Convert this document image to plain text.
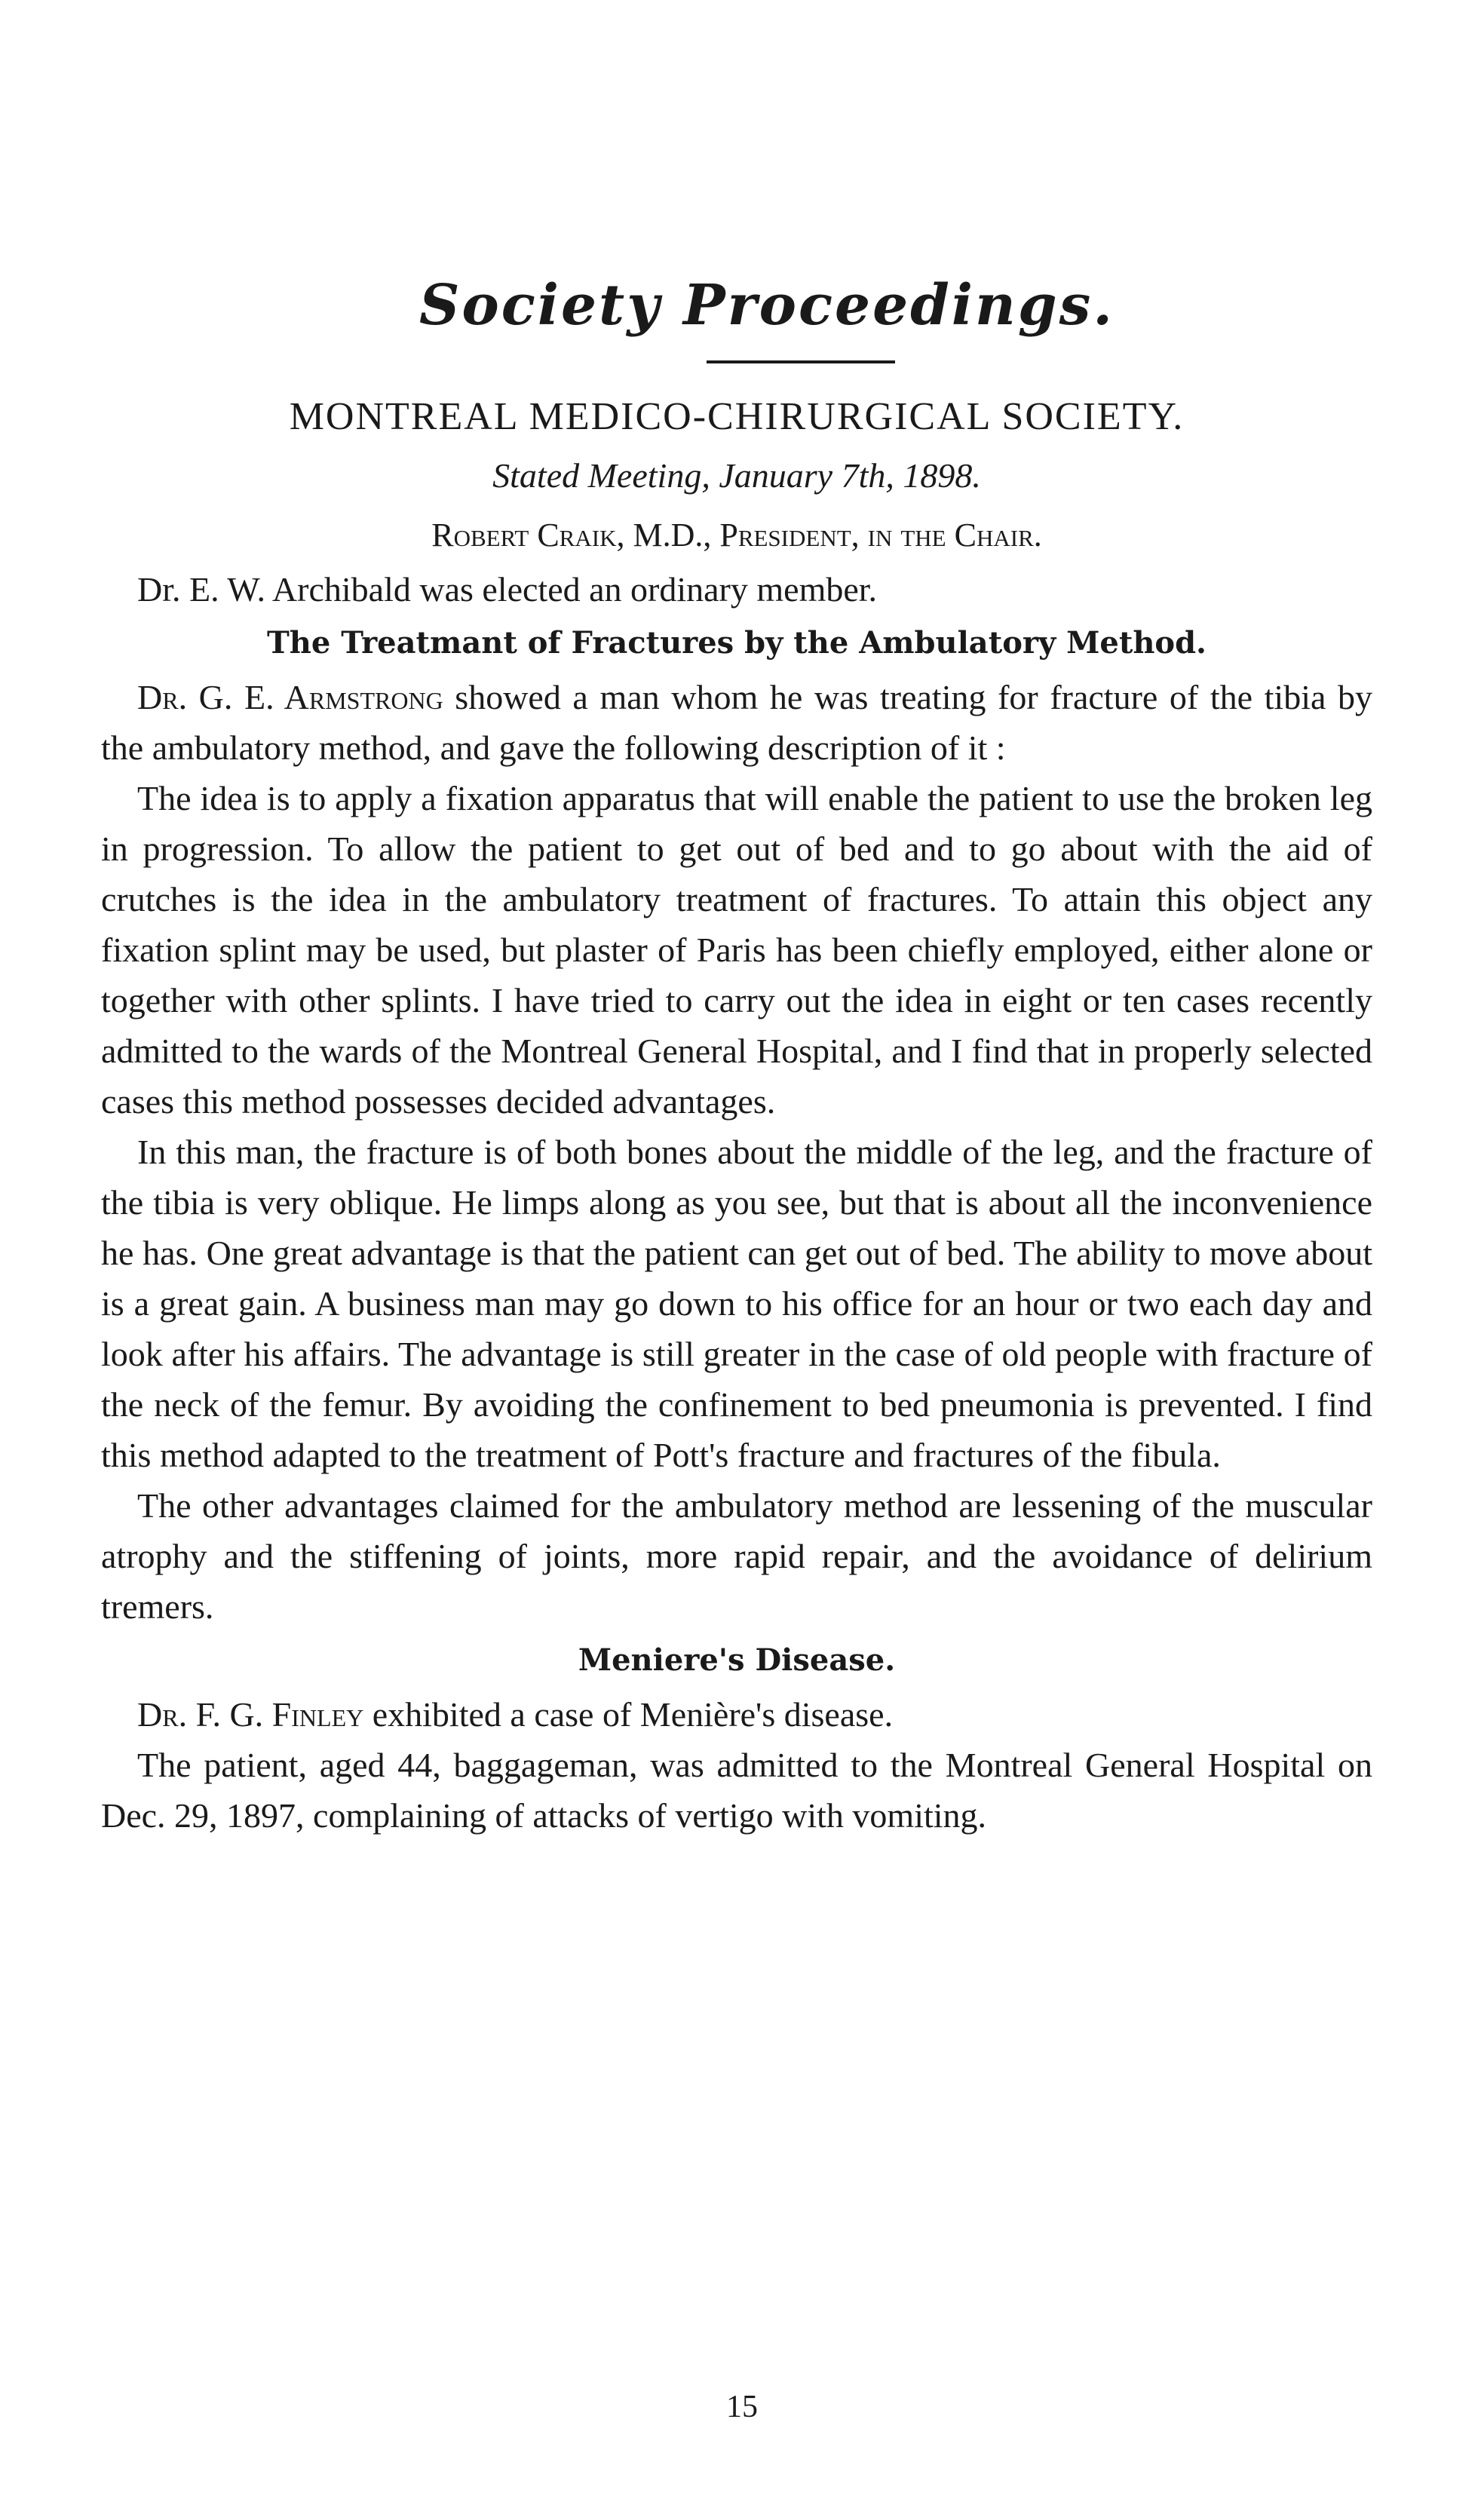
Society Proceedings.
MONTREAL MEDICO-CHIRURGICAL SOCIETY.
Stated Meeting, January 7th, 1898.
Robert Craik, M.D., President, in the Chair.

Dr. E. W. Archibald was elected an ordinary member.

The Treatmant of Fractures by the Ambulatory Method.

Dr. G. E. Armstrong showed a man whom he was treating for fracture of the tibia by the ambulatory method, and gave the following description of it :

The idea is to apply a fixation apparatus that will enable the patient to use the broken leg in progression. To allow the patient to get out of bed and to go about with the aid of crutches is the idea in the ambulatory treatment of fractures. To attain this object any fixation splint may be used, but plaster of Paris has been chiefly employed, either alone or together with other splints. I have tried to carry out the idea in eight or ten cases recently admitted to the wards of the Montreal General Hospital, and I find that in properly selected cases this method possesses decided advantages.

In this man, the fracture is of both bones about the middle of the leg, and the fracture of the tibia is very oblique. He limps along as you see, but that is about all the inconvenience he has. One great advantage is that the patient can get out of bed. The ability to move about is a great gain. A business man may go down to his office for an hour or two each day and look after his affairs. The advantage is still greater in the case of old people with fracture of the neck of the femur. By avoiding the confinement to bed pneumonia is prevented. I find this method adapted to the treatment of Pott's fracture and fractures of the fibula.

The other advantages claimed for the ambulatory method are lessening of the muscular atrophy and the stiffening of joints, more rapid repair, and the avoidance of delirium tremers.

Meniere's Disease.

Dr. F. G. Finley exhibited a case of Menière's disease.

The patient, aged 44, baggageman, was admitted to the Montreal General Hospital on Dec. 29, 1897, complaining of attacks of vertigo with vomiting.

15
